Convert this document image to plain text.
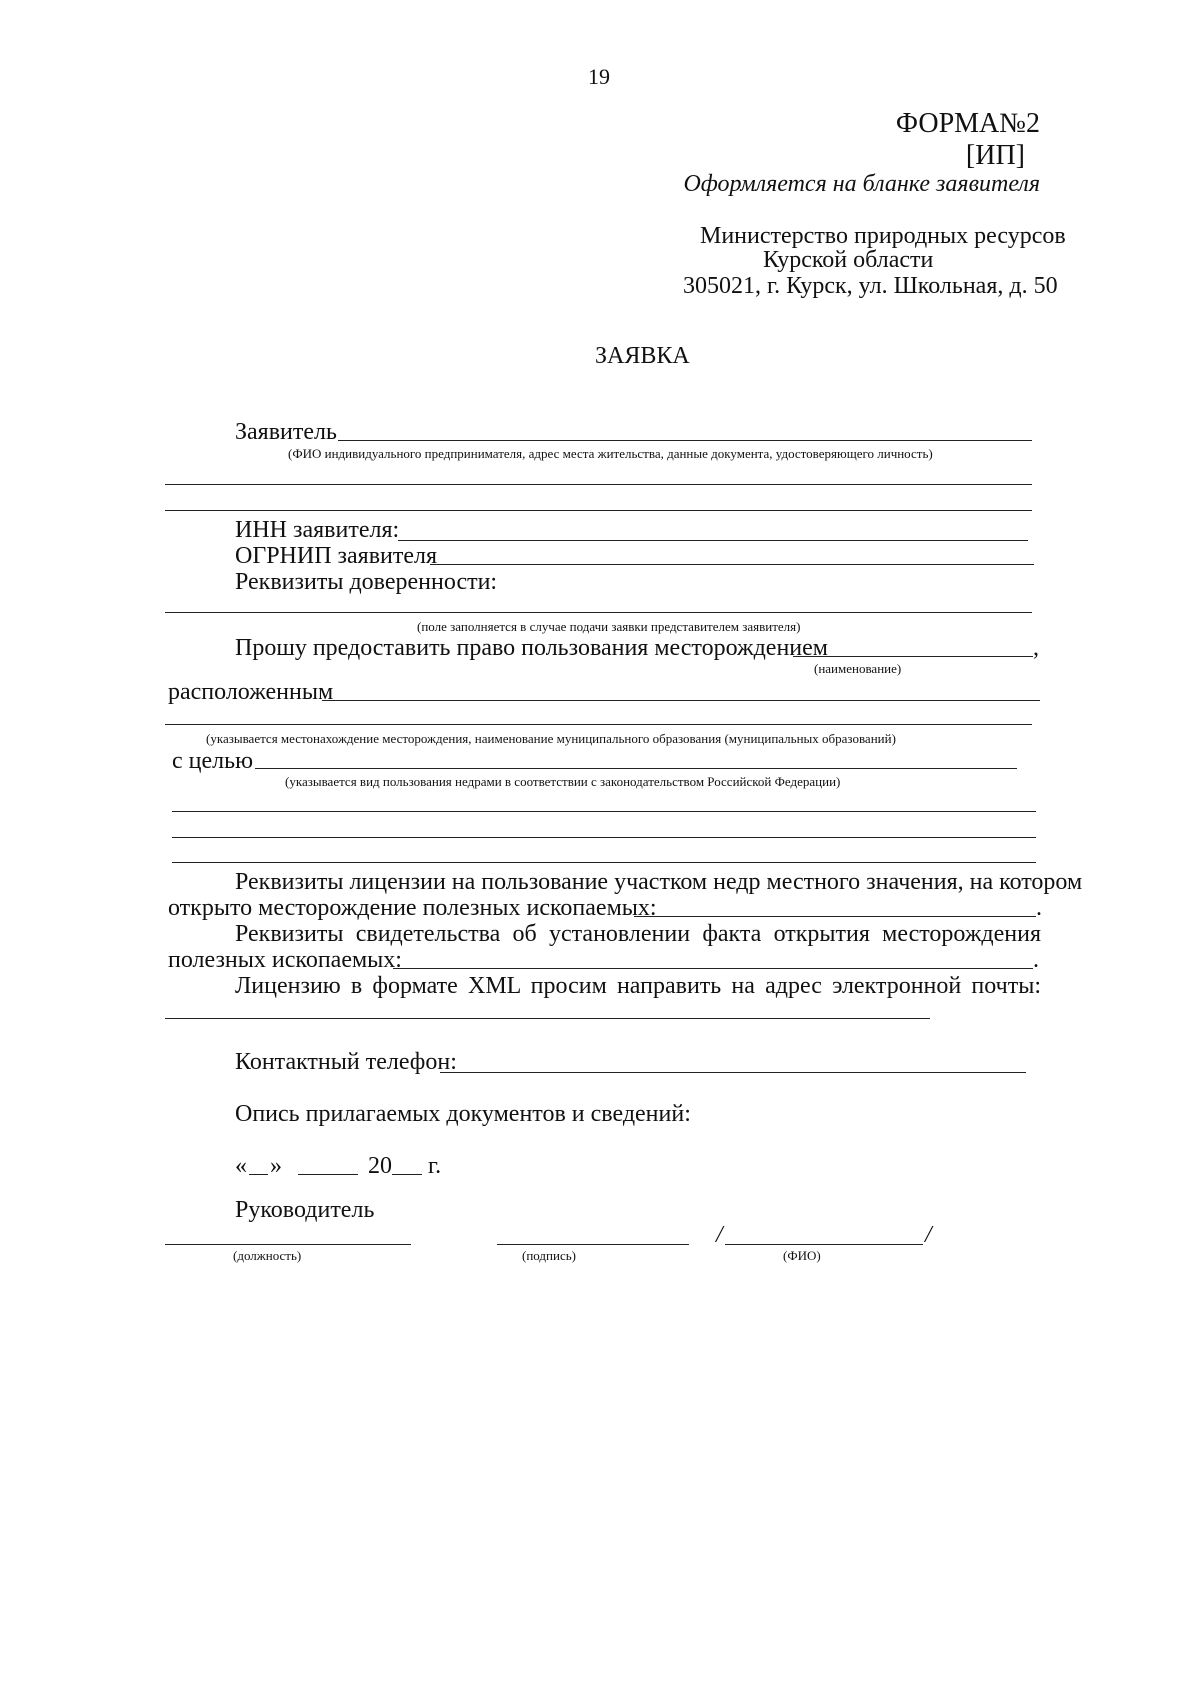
19
ФОРМА№2
[ИП]
Оформляется на бланке заявителя
Министерство природных ресурсов
Курской области
305021, г. Курск, ул. Школьная, д. 50
ЗАЯВКА
Заявитель
(ФИО индивидуального предпринимателя, адрес места жительства, данные документа, удостоверяющего личность)
ИНН заявителя:
ОГРНИП заявителя
Реквизиты доверенности:
(поле заполняется в случае подачи заявки представителем заявителя)
Прошу предоставить право пользования месторождением	,
(наименование)
расположенным
(указывается местонахождение месторождения, наименование муниципального образования (муниципальных образований)
с целью
(указывается вид пользования недрами в соответствии с законодательством Российской Федерации)
Реквизиты лицензии на пользование участком недр местного значения, на котором
открыто месторождение полезных ископаемых:	.
Реквизиты свидетельства об установлении факта открытия месторождения
полезных ископаемых:	.
Лицензию в формате XML просим направить на адрес электронной почты:
Контактный телефон:
Опись прилагаемых документов и сведений:
« »	20 г.
Руководитель
(должность)	(подпись)
/	/
(ФИО)
